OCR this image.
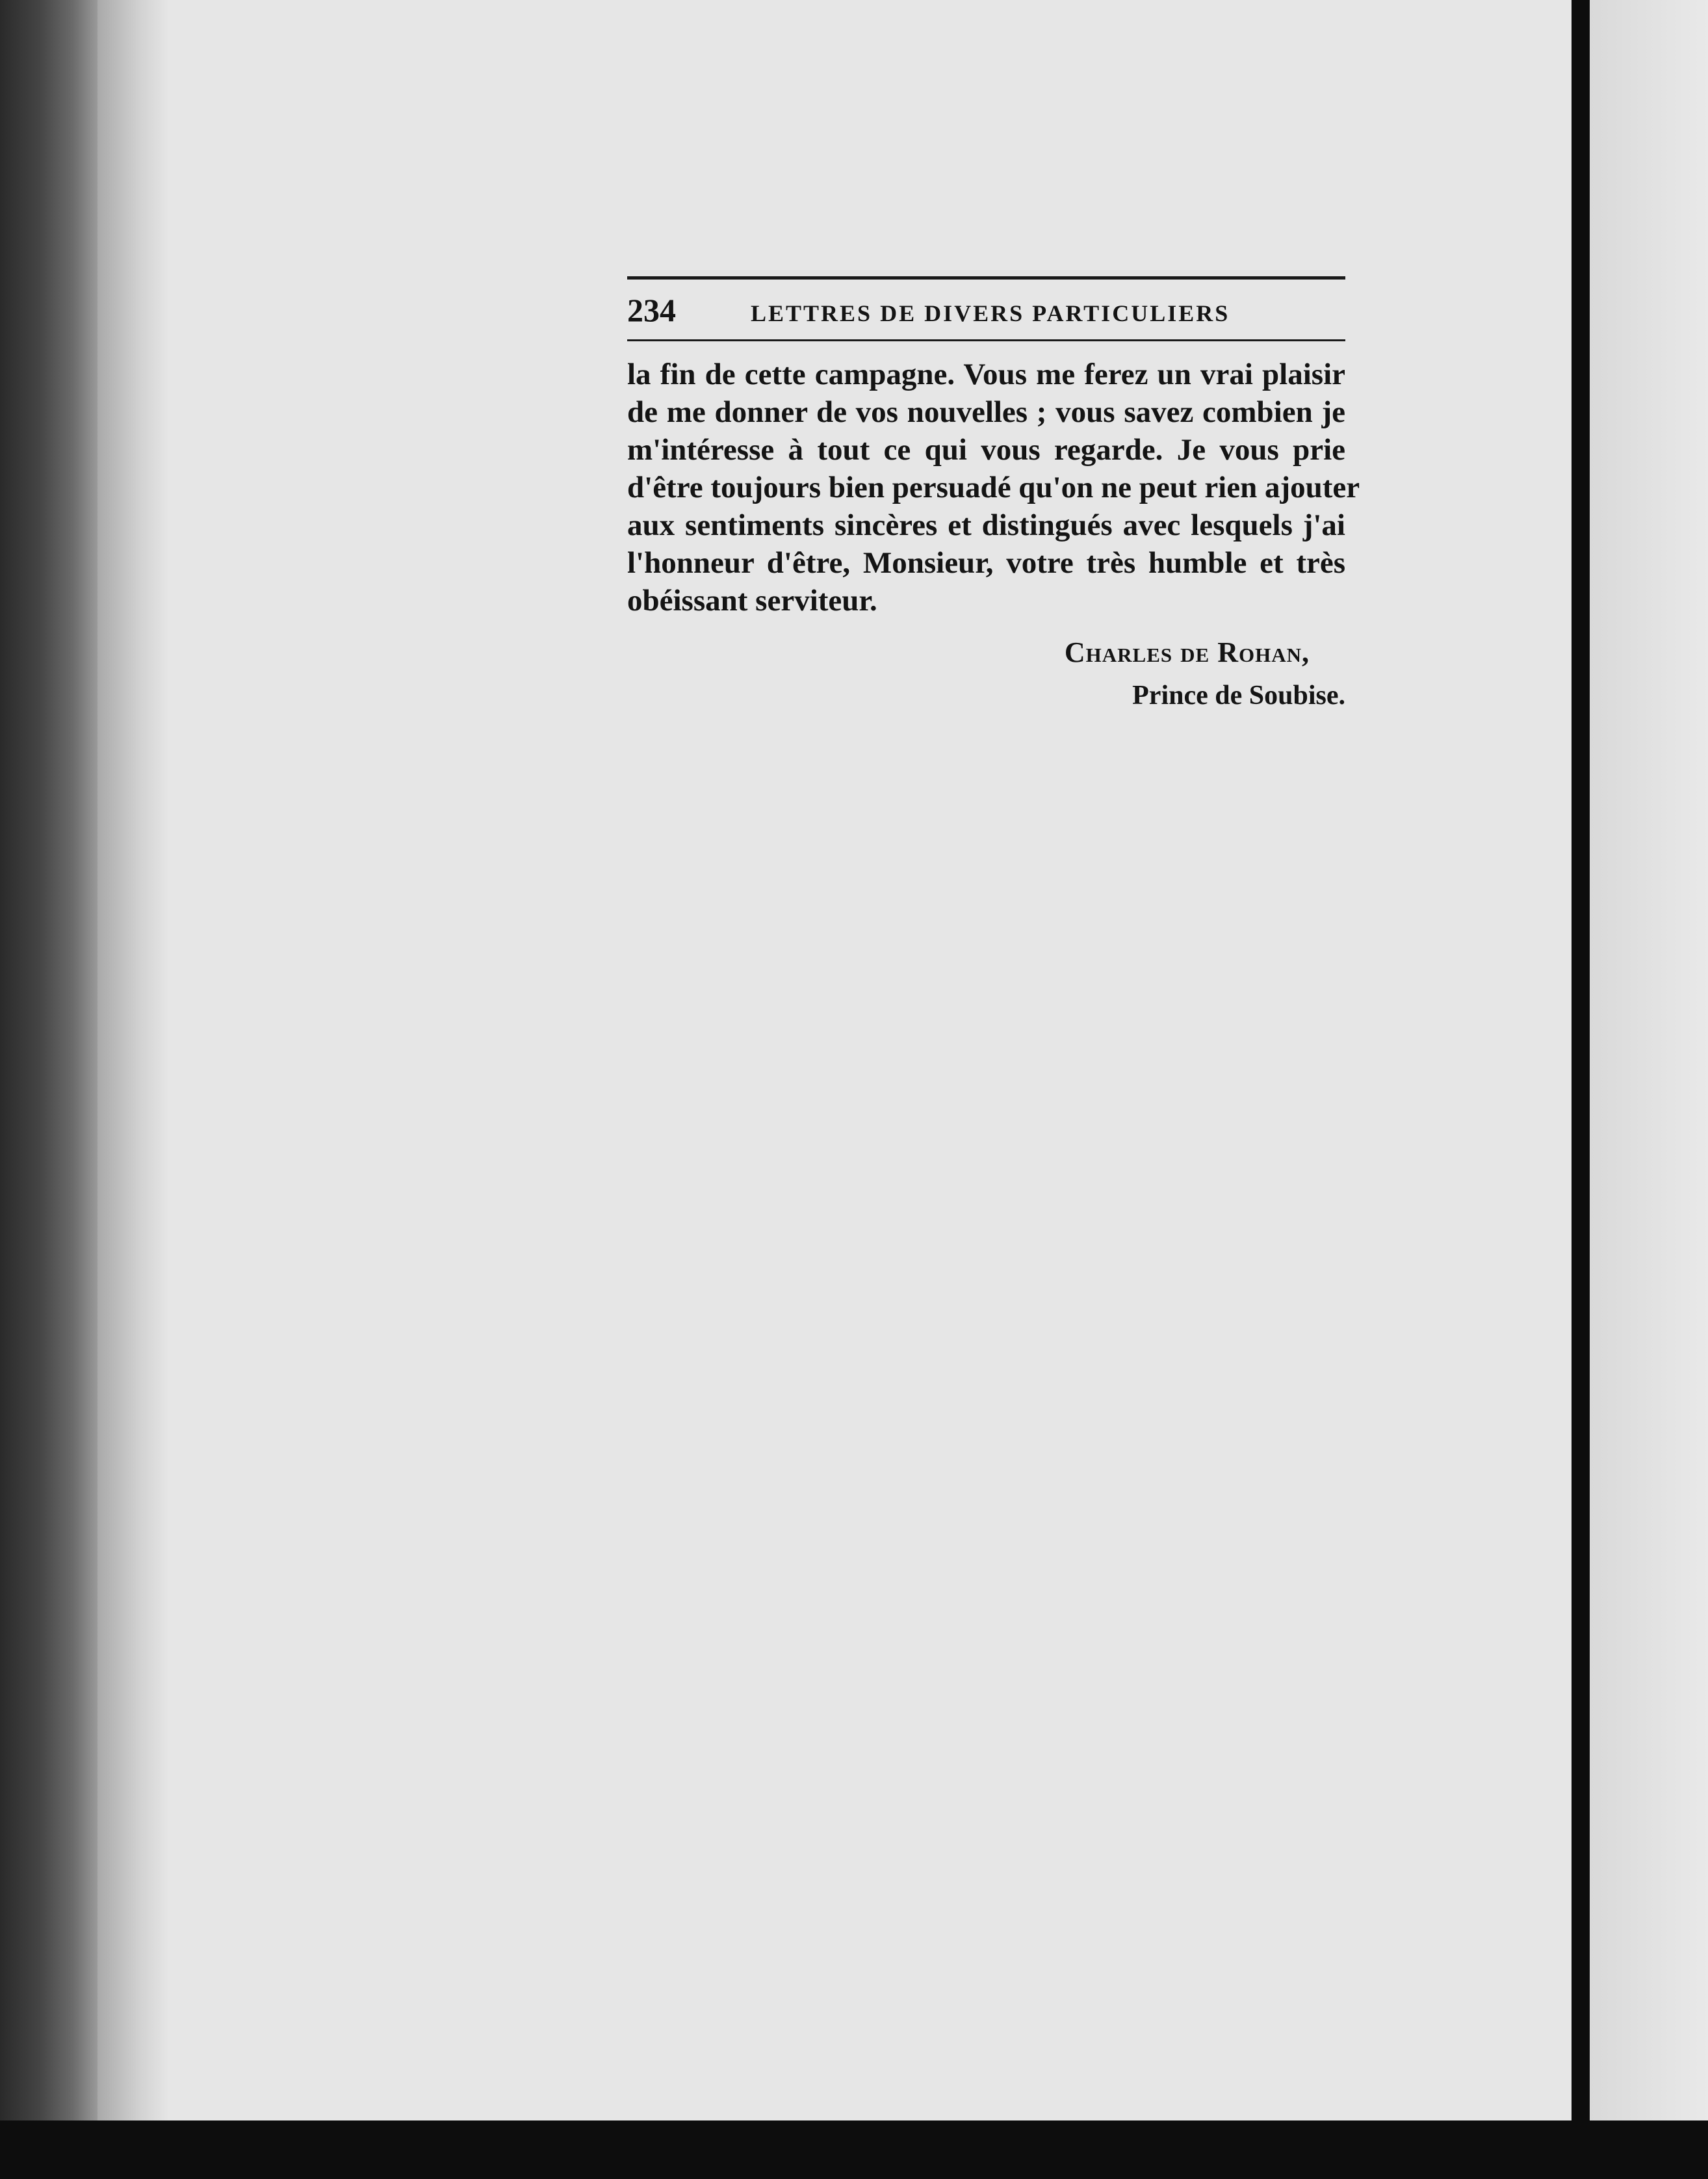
234	LETTRES DE DIVERS PARTICULIERS
la fin de cette campagne. Vous me ferez un vrai plaisir
de me donner de vos nouvelles ; vous savez combien je
m'intéresse à tout ce qui vous regarde. Je vous prie
d'être toujours bien persuadé qu'on ne peut rien ajouter
aux sentiments sincères et distingués avec lesquels j'ai
l'honneur d'être, Monsieur, votre très humble et très
obéissant serviteur.
Charles de Rohan,
Prince de Soubise.
